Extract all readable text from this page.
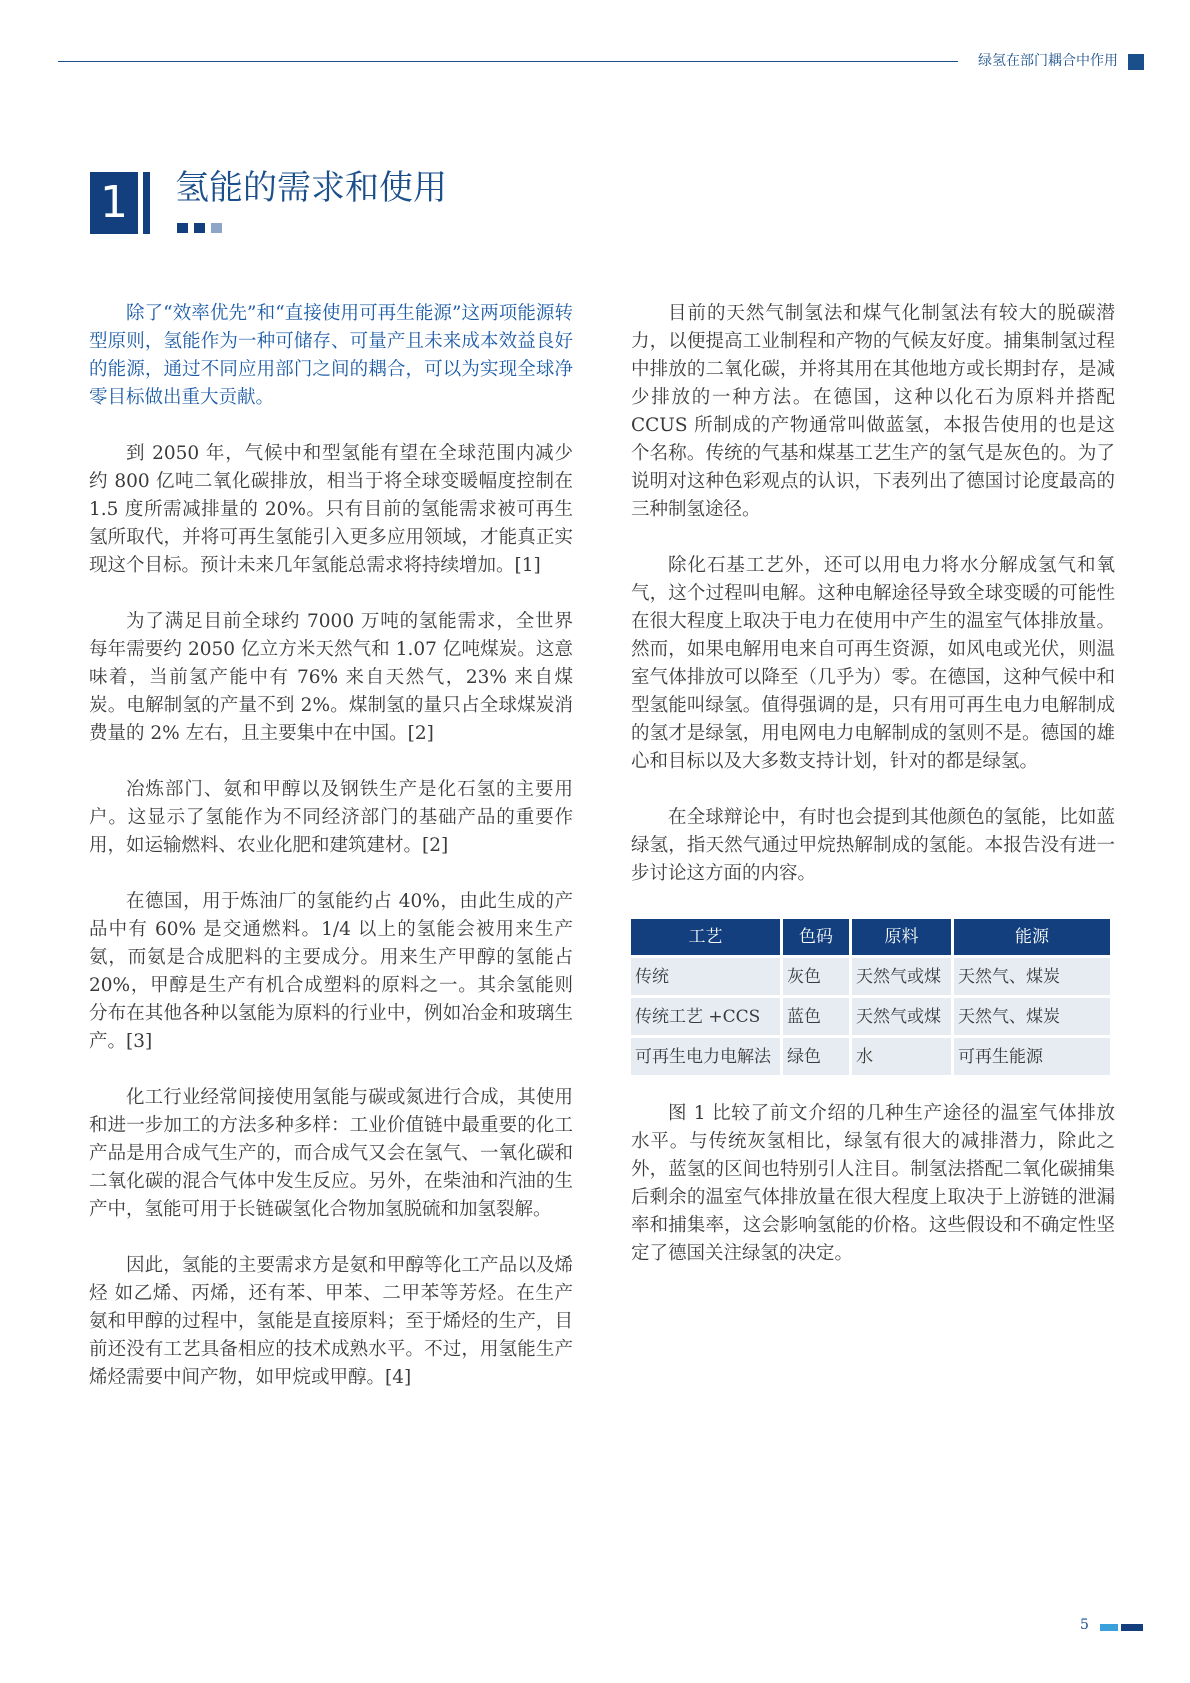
绿氢在部门耦合中作用
1 氢能的需求和使用

除了“效率优先”和“直接使用可再生能源”这两项能源转型原则，氢能作为一种可储存、可量产且未来成本效益良好的能源，通过不同应用部门之间的耦合，可以为实现全球净零目标做出重大贡献。

到 2050 年，气候中和型氢能有望在全球范围内减少约 800 亿吨二氧化碳排放，相当于将全球变暖幅度控制在 1.5 度所需减排量的 20%。只有目前的氢能需求被可再生氢所取代，并将可再生氢能引入更多应用领域，才能真正实现这个目标。预计未来几年氢能总需求将持续增加。[1]

为了满足目前全球约 7000 万吨的氢能需求，全世界每年需要约 2050 亿立方米天然气和 1.07 亿吨煤炭。这意味着，当前氢产能中有 76% 来自天然气，23% 来自煤炭。电解制氢的产量不到 2%。煤制氢的量只占全球煤炭消费量的 2% 左右，且主要集中在中国。[2]

冶炼部门、氨和甲醇以及钢铁生产是化石氢的主要用户。这显示了氢能作为不同经济部门的基础产品的重要作用，如运输燃料、农业化肥和建筑建材。[2]

在德国，用于炼油厂的氢能约占 40%，由此生成的产品中有 60% 是交通燃料。1/4 以上的氢能会被用来生产氨，而氨是合成肥料的主要成分。用来生产甲醇的氢能占 20%，甲醇是生产有机合成塑料的原料之一。其余氢能则分布在其他各种以氢能为原料的行业中，例如冶金和玻璃生产。[3]

化工行业经常间接使用氢能与碳或氮进行合成，其使用和进一步加工的方法多种多样：工业价值链中最重要的化工产品是用合成气生产的，而合成气又会在氢气、一氧化碳和二氧化碳的混合气体中发生反应。另外，在柴油和汽油的生产中，氢能可用于长链碳氢化合物加氢脱硫和加氢裂解。

因此，氢能的主要需求方是氨和甲醇等化工产品以及烯烃 如乙烯、丙烯，还有苯、甲苯、二甲苯等芳烃。在生产氨和甲醇的过程中，氢能是直接原料；至于烯烃的生产，目前还没有工艺具备相应的技术成熟水平。不过，用氢能生产烯烃需要中间产物，如甲烷或甲醇。[4]

目前的天然气制氢法和煤气化制氢法有较大的脱碳潜力，以便提高工业制程和产物的气候友好度。捕集制氢过程中排放的二氧化碳，并将其用在其他地方或长期封存，是减少排放的一种方法。在德国，这种以化石为原料并搭配 CCUS 所制成的产物通常叫做蓝氢，本报告使用的也是这个名称。传统的气基和煤基工艺生产的氢气是灰色的。为了说明对这种色彩观点的认识，下表列出了德国讨论度最高的三种制氢途径。

除化石基工艺外，还可以用电力将水分解成氢气和氧气，这个过程叫电解。这种电解途径导致全球变暖的可能性在很大程度上取决于电力在使用中产生的温室气体排放量。然而，如果电解用电来自可再生资源，如风电或光伏，则温室气体排放可以降至（几乎为）零。在德国，这种气候中和型氢能叫绿氢。值得强调的是，只有用可再生电力电解制成的氢才是绿氢，用电网电力电解制成的氢则不是。德国的雄心和目标以及大多数支持计划，针对的都是绿氢。

在全球辩论中，有时也会提到其他颜色的氢能，比如蓝绿氢，指天然气通过甲烷热解制成的氢能。本报告没有进一步讨论这方面的内容。

工艺	色码	原料	能源
传统	灰色	天然气或煤	天然气、煤炭
传统工艺 +CCS	蓝色	天然气或煤	天然气、煤炭
可再生电力电解法	绿色	水	可再生能源

图 1 比较了前文介绍的几种生产途径的温室气体排放水平。与传统灰氢相比，绿氢有很大的减排潜力，除此之外，蓝氢的区间也特别引人注目。制氢法搭配二氧化碳捕集后剩余的温室气体排放量在很大程度上取决于上游链的泄漏率和捕集率，这会影响氢能的价格。这些假设和不确定性坚定了德国关注绿氢的决定。

5
